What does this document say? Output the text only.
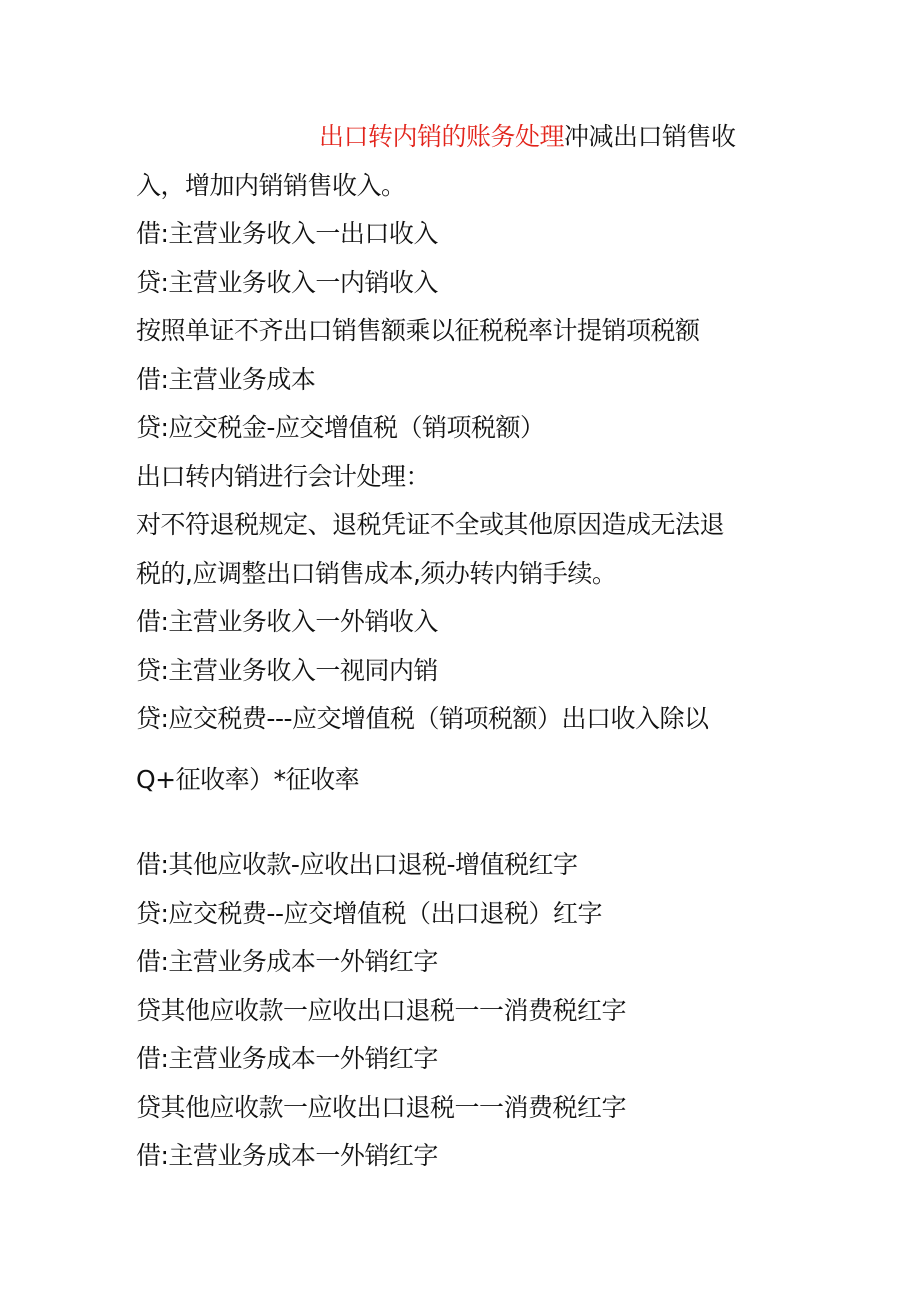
出口转内销的账务处理冲减出口销售收
入，增加内销销售收入。
借:主营业务收入一出口收入
贷:主营业务收入一内销收入
按照单证不齐出口销售额乘以征税税率计提销项税额
借:主营业务成本
贷:应交税金-应交增值税（销项税额）
出口转内销进行会计处理：
对不符退税规定、退税凭证不全或其他原因造成无法退
税的,应调整出口销售成本,须办转内销手续。
借:主营业务收入一外销收入
贷:主营业务收入一视同内销
贷:应交税费---应交增值税（销项税额）出口收入除以
Q+征收率）*征收率
借:其他应收款-应收出口退税-增值税红字
贷:应交税费--应交增值税（出口退税）红字
借:主营业务成本一外销红字
贷其他应收款一应收出口退税一一消费税红字
借:主营业务成本一外销红字
贷其他应收款一应收出口退税一一消费税红字
借:主营业务成本一外销红字
